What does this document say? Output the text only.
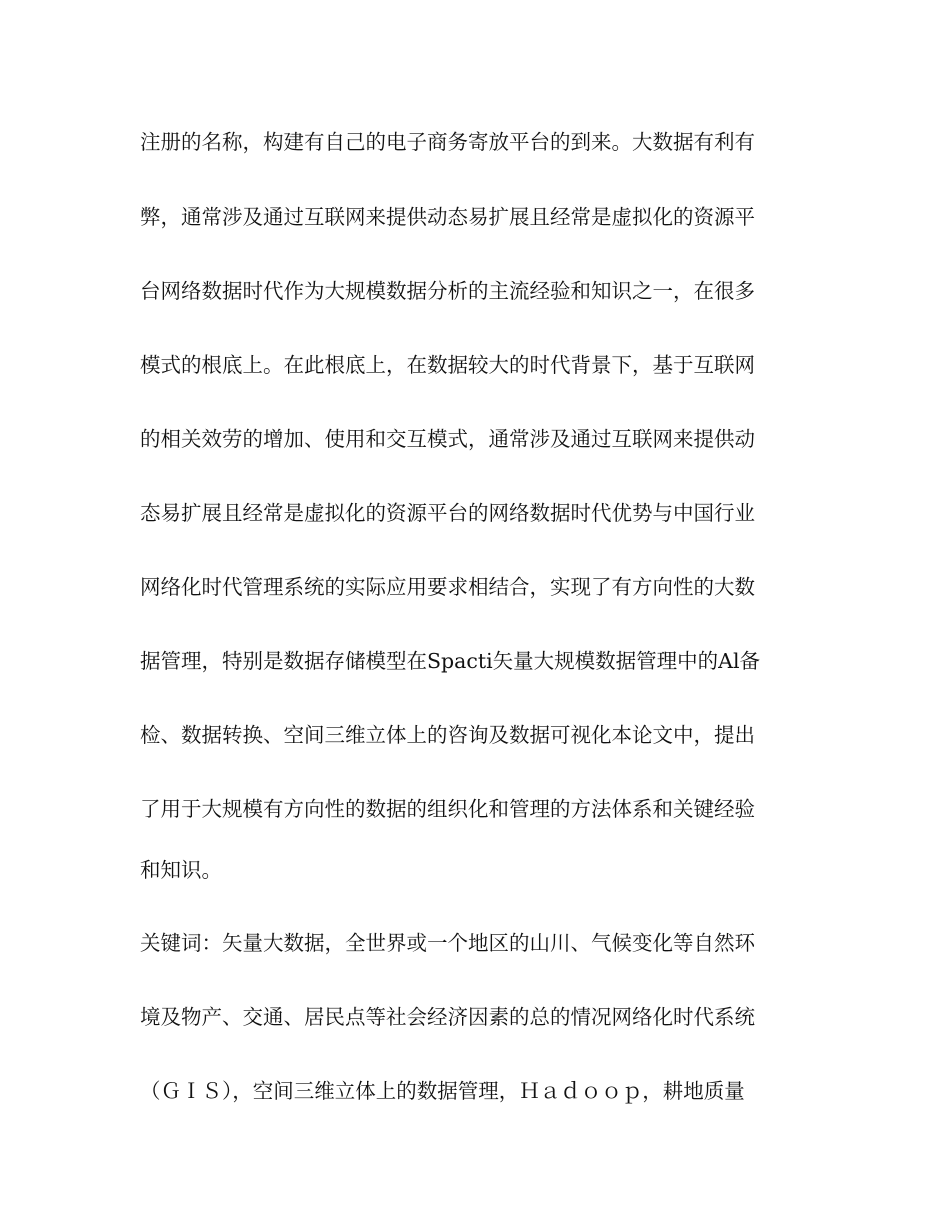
注册的名称，构建有自己的电子商务寄放平台的到来。大数据有利有
弊，通常涉及通过互联网来提供动态易扩展且经常是虚拟化的资源平
台网络数据时代作为大规模数据分析的主流经验和知识之一，在很多
模式的根底上。在此根底上，在数据较大的时代背景下，基于互联网
的相关效劳的增加、使用和交互模式，通常涉及通过互联网来提供动
态易扩展且经常是虚拟化的资源平台的网络数据时代优势与中国行业
网络化时代管理系统的实际应用要求相结合，实现了有方向性的大数
据管理，特别是数据存储模型在Spacti矢量大规模数据管理中的Al备
检、数据转换、空间三维立体上的咨询及数据可视化本论文中，提出
了用于大规模有方向性的数据的组织化和管理的方法体系和关键经验
和知识。
关键词：矢量大数据，全世界或一个地区的山川、气候变化等自然环
境及物产、交通、居民点等社会经济因素的总的情况网络化时代系统
（ＧＩＳ），空间三维立体上的数据管理，Ｈａｄｏｏｐ，耕地质量
